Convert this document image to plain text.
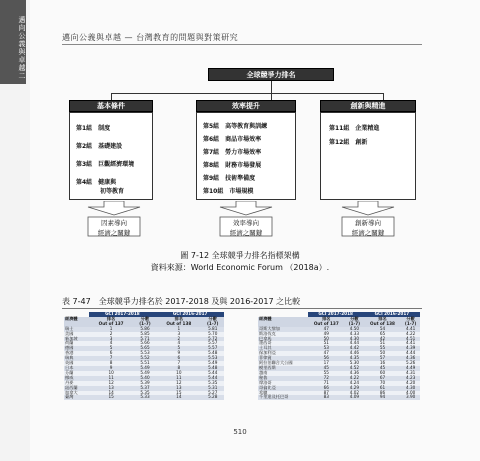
邁向公義與卓越二	邁向公義與卓越 — 台灣教育的問題與對策研究
全球競爭力排名
基本條件
第1組　制度
第2組　基礎建設
第3組　巨觀經濟環境
第4組　健康與
　　　　初等教育
效率提升
第5組　高等教育與訓練
第6組　商品市場效率
第7組　勞力市場效率
第8組　財務市場發展
第9組　技術準備度
第10組　市場規模
創新與精進
第11組　企業精進
第12組　創新
因素導向
經濟之關鍵
效率導向
經濟之關鍵
創新導向
經濟之關鍵
圖 7-12 全球競爭力排名指標架構
資料來源：World Economic Forum （2018a）.
表 7-47　全球競爭力排名於 2017-2018 及與 2016-2017 之比較
	GCI 2017-2018		GCI 2016-2017	
經濟體	排名	分數	排名	分數
	Out of 137	(1-7)	Out of 138	(1-7)
瑞士	1	5.86	1	5.81
美國	2	5.85	3	5.70
新加坡	3	5.71	2	5.72
荷蘭	4	5.66	4	5.57
德國	5	5.65	5	5.57
香港	6	5.53	9	5.48
瑞典	7	5.52	6	5.53
英國	8	5.51	7	5.49
日本	9	5.49	8	5.48
芬蘭	10	5.49	10	5.44
挪威	11	5.40	11	5.44
丹麥	12	5.39	12	5.35
紐西蘭	13	5.37	13	5.31
加拿大	14	5.35	15	5.27
臺灣	15	5.33	14	5.28
	GCI 2017-2018		GCI 2016-2017	
經濟體	排名	分數	排名	分數
	Out of 137	(1-7)	Out of 138	(1-7)
哥斯大黎加	47	4.50	54	4.41
斯洛伐克	49	4.33	65	4.22
巴拿馬	50	4.30	42	4.51
墨西哥	51	4.44	51	4.41
土耳其	53	4.42	55	4.39
保加利亞	47	4.46	50	4.44
菲律賓	56	4.35	57	4.36
阿拉伯聯合大公國	17	5.30	16	5.26
模里西斯	45	4.52	45	4.49
越南	55	4.36	60	4.31
秘魯	72	4.22	67	4.23
摩洛哥	71	4.24	70	4.20
哥倫比亞	66	4.29	61	4.30
希臘	87	4.02	86	4.00
千里達及托巴哥	83	4.09	94	3.90
510
